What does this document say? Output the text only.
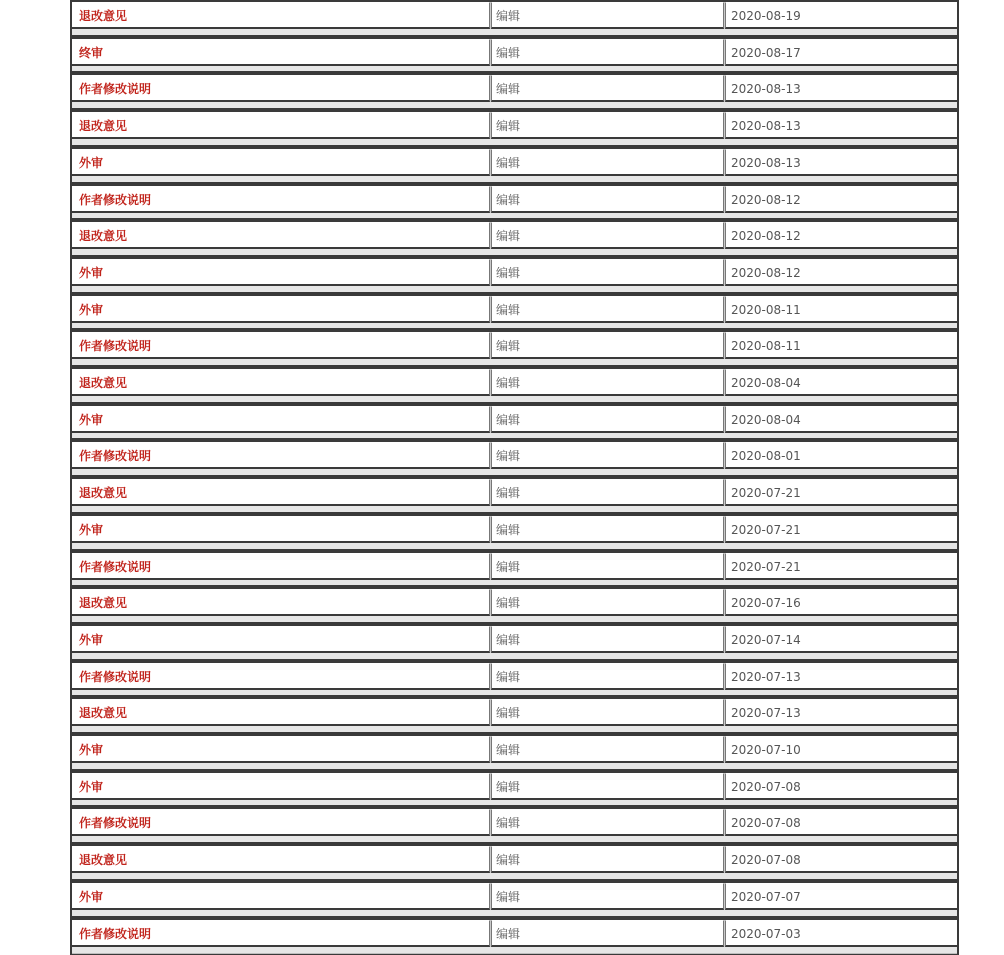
退改意见	编辑	2020-08-19
终审	编辑	2020-08-17
作者修改说明	编辑	2020-08-13
退改意见	编辑	2020-08-13
外审	编辑	2020-08-13
作者修改说明	编辑	2020-08-12
退改意见	编辑	2020-08-12
外审	编辑	2020-08-12
外审	编辑	2020-08-11
作者修改说明	编辑	2020-08-11
退改意见	编辑	2020-08-04
外审	编辑	2020-08-04
作者修改说明	编辑	2020-08-01
退改意见	编辑	2020-07-21
外审	编辑	2020-07-21
作者修改说明	编辑	2020-07-21
退改意见	编辑	2020-07-16
外审	编辑	2020-07-14
作者修改说明	编辑	2020-07-13
退改意见	编辑	2020-07-13
外审	编辑	2020-07-10
外审	编辑	2020-07-08
作者修改说明	编辑	2020-07-08
退改意见	编辑	2020-07-08
外审	编辑	2020-07-07
作者修改说明	编辑	2020-07-03
